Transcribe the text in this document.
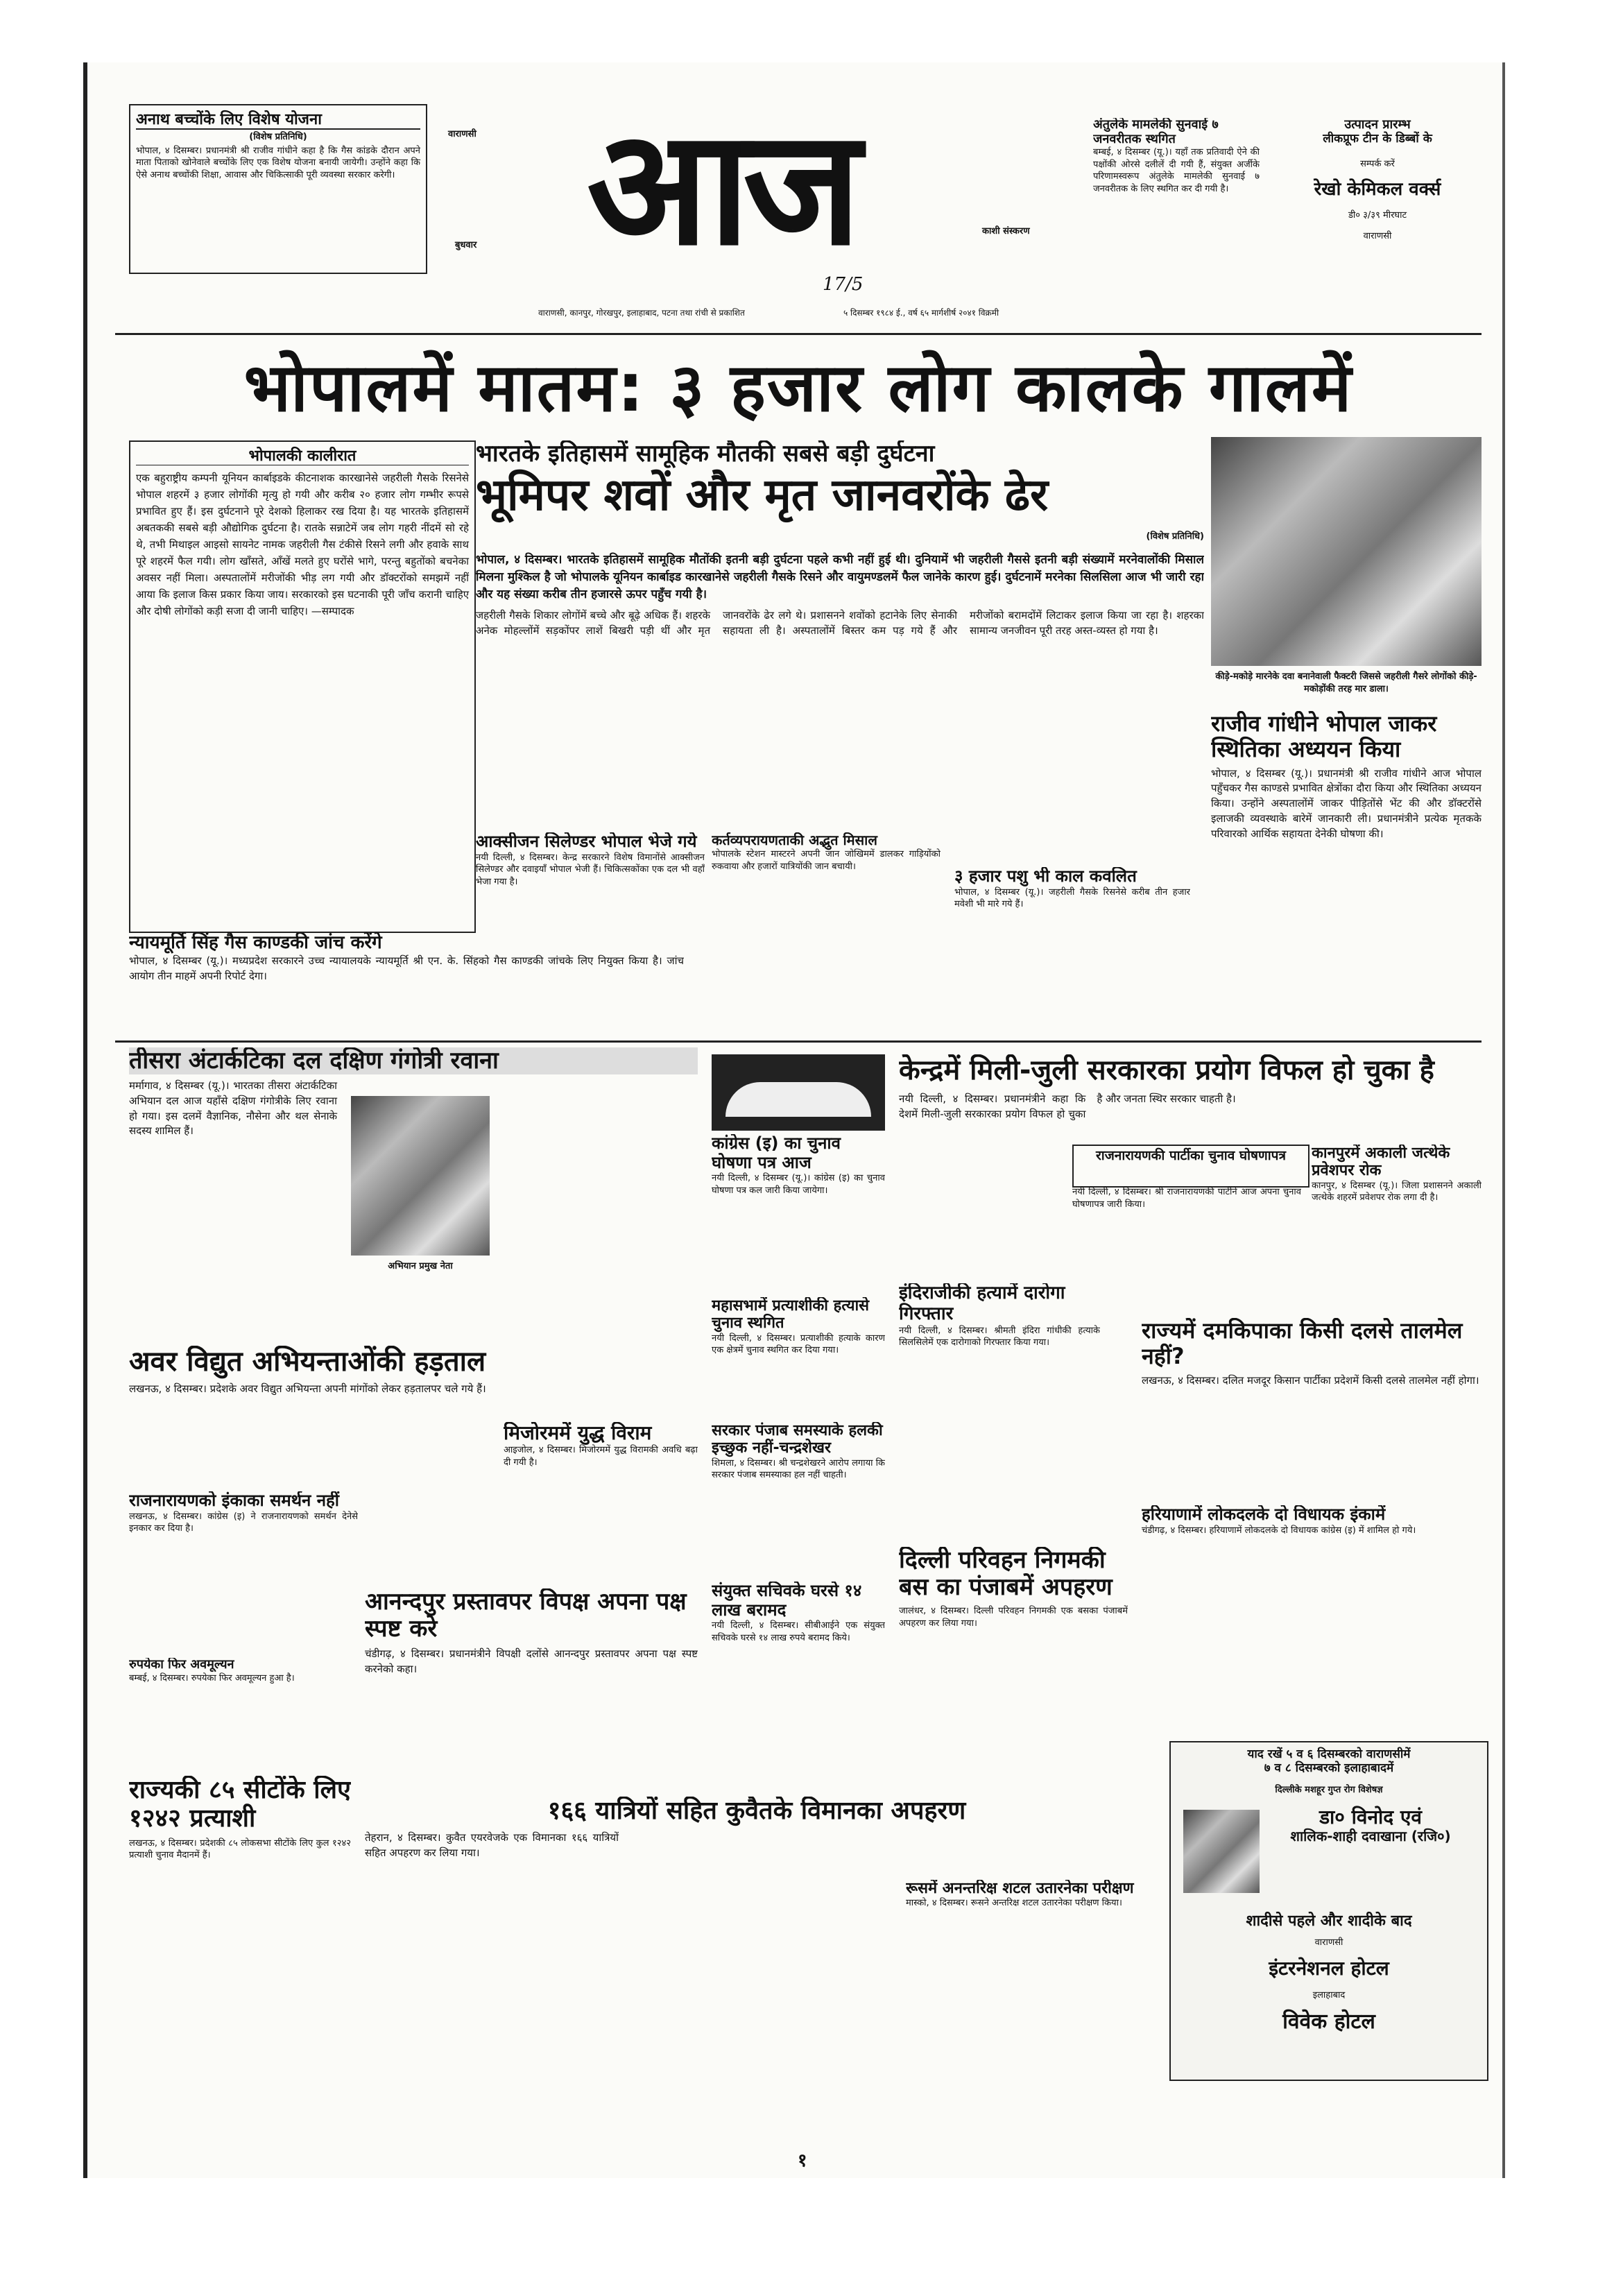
अनाथ बच्चोंके लिए विशेष योजना

(विशेष प्रतिनिधि)

भोपाल, ४ दिसम्बर। प्रधानमंत्री श्री राजीव गांधीने कहा है कि गैस कांडके दौरान अपने माता पिताको खोनेवाले बच्चोंके लिए एक विशेष योजना बनायी जायेगी। उन्होंने कहा कि ऐसे अनाथ बच्चोंकी शिक्षा, आवास और चिकित्साकी पूरी व्यवस्था सरकार करेगी।

वाराणसी
बुधवार आज	काशी संस्करण
17/5
वाराणसी, कानपुर, गोरखपुर, इलाहाबाद, पटना तथा रांची से प्रकाशित	५ दिसम्बर १९८४ ई., वर्ष ६५ मार्गशीर्ष २०४१ विक्रमी

अंतुलेके मामलेकी सुनवाई ७ जनवरीतक स्थगित

बम्बई, ४ दिसम्बर (यू.)। यहाँ तक प्रतिवादी ऐने की पक्षोंकी ओरसे दलीलें दी गयी हैं, संयुक्त अर्जीके परिणामस्वरूप अंतुलेके मामलेकी सुनवाई ७ जनवरीतक के लिए स्थगित कर दी गयी है।

उत्पादन प्रारम्भ

लीकप्रूफ टीन के डिब्बों के

सम्पर्क करें

रेखो केमिकल वर्क्स

डी० ३/३९ मीरघाट

वाराणसी

भोपालमें मातम: ३ हजार लोग कालके गालमें

भोपालकी कालीरात

एक बहुराष्ट्रीय कम्पनी यूनियन कार्बाइडके कीटनाशक कारखानेसे जहरीली गैसके रिसनेसे भोपाल शहरमें ३ हजार लोगोंकी मृत्यु हो गयी और करीब २० हजार लोग गम्भीर रूपसे प्रभावित हुए हैं। इस दुर्घटनाने पूरे देशको हिलाकर रख दिया है। यह भारतके इतिहासमें अबतककी सबसे बड़ी औद्योगिक दुर्घटना है। रातके सन्नाटेमें जब लोग गहरी नींदमें सो रहे थे, तभी मिथाइल आइसो सायनेट नामक जहरीली गैस टंकीसे रिसने लगी और हवाके साथ पूरे शहरमें फैल गयी। लोग खाँसते, आँखें मलते हुए घरोंसे भागे, परन्तु बहुतोंको बचनेका अवसर नहीं मिला। अस्पतालोंमें मरीजोंकी भीड़ लग गयी और डॉक्टरोंको समझमें नहीं आया कि इलाज किस प्रकार किया जाय। सरकारको इस घटनाकी पूरी जाँच करानी चाहिए और दोषी लोगोंको कड़ी सजा दी जानी चाहिए। —सम्पादक

न्यायमूर्ति सिंह गैस काण्डकी जांच करेंगे

भोपाल, ४ दिसम्बर (यू.)। मध्यप्रदेश सरकारने उच्च न्यायालयके न्यायमूर्ति श्री एन. के. सिंहको गैस काण्डकी जांचके लिए नियुक्त किया है। जांच आयोग तीन माहमें अपनी रिपोर्ट देगा।

भारतके इतिहासमें सामूहिक मौतकी सबसे बड़ी दुर्घटना

भूमिपर शवों और मृत जानवरोंके ढेर

(विशेष प्रतिनिधि)

भोपाल, ४ दिसम्बर। भारतके इतिहासमें सामूहिक मौतोंकी इतनी बड़ी दुर्घटना पहले कभी नहीं हुई थी। दुनियामें भी जहरीली गैससे इतनी बड़ी संख्यामें मरनेवालोंकी मिसाल मिलना मुश्किल है जो भोपालके यूनियन कार्बाइड कारखानेसे जहरीली गैसके रिसने और वायुमण्डलमें फैल जानेके कारण हुई। दुर्घटनामें मरनेका सिलसिला आज भी जारी रहा और यह संख्या करीब तीन हजारसे ऊपर पहुँच गयी है।

जहरीली गैसके शिकार लोगोंमें बच्चे और बूढ़े अधिक हैं। शहरके अनेक मोहल्लोंमें सड़कोंपर लाशें बिखरी पड़ी थीं और मृत जानवरोंके ढेर लगे थे। प्रशासनने शवोंको हटानेके लिए सेनाकी सहायता ली है। अस्पतालोंमें बिस्तर कम पड़ गये हैं और मरीजोंको बरामदोंमें लिटाकर इलाज किया जा रहा है। शहरका सामान्य जनजीवन पूरी तरह अस्त-व्यस्त हो गया है।

आक्सीजन सिलेण्डर भोपाल भेजे गये

नयी दिल्ली, ४ दिसम्बर। केन्द्र सरकारने विशेष विमानोंसे आक्सीजन सिलेण्डर और दवाइयाँ भोपाल भेजी हैं। चिकित्सकोंका एक दल भी वहाँ भेजा गया है।

कर्तव्यपरायणताकी अद्भुत मिसाल

भोपालके स्टेशन मास्टरने अपनी जान जोखिममें डालकर गाड़ियोंको रुकवाया और हजारों यात्रियोंकी जान बचायी।	३ हजार पशु भी काल कवलित

भोपाल, ४ दिसम्बर (यू.)। जहरीली गैसके रिसनेसे करीब तीन हजार मवेशी भी मारे गये हैं।

कीड़े-मकोड़े मारनेके दवा बनानेवाली फैक्टरी जिससे जहरीली गैसरे लोगोंको कीड़े-मकोड़ोंकी तरह मार डाला।

राजीव गांधीने भोपाल जाकर स्थितिका अध्ययन किया

भोपाल, ४ दिसम्बर (यू.)। प्रधानमंत्री श्री राजीव गांधीने आज भोपाल पहुँचकर गैस काण्डसे प्रभावित क्षेत्रोंका दौरा किया और स्थितिका अध्ययन किया। उन्होंने अस्पतालोंमें जाकर पीड़ितोंसे भेंट की और डॉक्टरोंसे इलाजकी व्यवस्थाके बारेमें जानकारी ली। प्रधानमंत्रीने प्रत्येक मृतकके परिवारको आर्थिक सहायता देनेकी घोषणा की।

तीसरा अंटार्कटिका दल दक्षिण गंगोत्री रवाना

मर्मागाव, ४ दिसम्बर (यू.)। भारतका तीसरा अंटार्कटिका अभियान दल आज यहाँसे दक्षिण गंगोत्रीके लिए रवाना हो गया। इस दलमें वैज्ञानिक, नौसेना और थल सेनाके सदस्य शामिल हैं।

अभियान प्रमुख नेता

कांग्रेस (इ) का चुनाव घोषणा पत्र आज

नयी दिल्ली, ४ दिसम्बर (यू.)। कांग्रेस (इ) का चुनाव घोषणा पत्र कल जारी किया जायेगा।

केन्द्रमें मिली-जुली सरकारका प्रयोग विफल हो चुका है

नयी दिल्ली, ४ दिसम्बर। प्रधानमंत्रीने कहा कि देशमें मिली-जुली सरकारका प्रयोग विफल हो चुका है और जनता स्थिर सरकार चाहती है।

राजनारायणकी पार्टीका चुनाव घोषणापत्र

नयी दिल्ली, ४ दिसम्बर। श्री राजनारायणकी पार्टीने आज अपना चुनाव घोषणापत्र जारी किया।

कानपुरमें अकाली जत्थेके प्रवेशपर रोक

कानपुर, ४ दिसम्बर (यू.)। जिला प्रशासनने अकाली जत्थेके शहरमें प्रवेशपर रोक लगा दी है।

अवर विद्युत अभियन्ताओंकी हड़ताल

लखनऊ, ४ दिसम्बर। प्रदेशके अवर विद्युत अभियन्ता अपनी मांगोंको लेकर हड़तालपर चले गये हैं।

मिजोरममें युद्ध विराम

आइजोल, ४ दिसम्बर। मिजोरममें युद्ध विरामकी अवधि बढ़ा दी गयी है।

राजनारायणको इंकाका समर्थन नहीं

लखनऊ, ४ दिसम्बर। कांग्रेस (इ) ने राजनारायणको समर्थन देनेसे इनकार कर दिया है।

आनन्दपुर प्रस्तावपर विपक्ष अपना पक्ष स्पष्ट करे

चंडीगढ़, ४ दिसम्बर। प्रधानमंत्रीने विपक्षी दलोंसे आनन्दपुर प्रस्तावपर अपना पक्ष स्पष्ट करनेको कहा।

रुपयेका फिर अवमूल्यन

बम्बई, ४ दिसम्बर। रुपयेका फिर अवमूल्यन हुआ है।

राज्यकी ८५ सीटोंके लिए १२४२ प्रत्याशी

लखनऊ, ४ दिसम्बर। प्रदेशकी ८५ लोकसभा सीटोंके लिए कुल १२४२ प्रत्याशी चुनाव मैदानमें हैं।

महासभामें प्रत्याशीकी हत्यासे चुनाव स्थगित

नयी दिल्ली, ४ दिसम्बर। प्रत्याशीकी हत्याके कारण एक क्षेत्रमें चुनाव स्थगित कर दिया गया।

इंदिराजीकी हत्यामें दारोगा गिरफ्तार

नयी दिल्ली, ४ दिसम्बर। श्रीमती इंदिरा गांधीकी हत्याके सिलसिलेमें एक दारोगाको गिरफ्तार किया गया।

सरकार पंजाब समस्याके हलकी इच्छुक नहीं-चन्द्रशेखर

शिमला, ४ दिसम्बर। श्री चन्द्रशेखरने आरोप लगाया कि सरकार पंजाब समस्याका हल नहीं चाहती।

संयुक्त सचिवके घरसे १४ लाख बरामद

नयी दिल्ली, ४ दिसम्बर। सीबीआईने एक संयुक्त सचिवके घरसे १४ लाख रुपये बरामद किये।

दिल्ली परिवहन निगमकी बस का पंजाबमें अपहरण

जालंधर, ४ दिसम्बर। दिल्ली परिवहन निगमकी एक बसका पंजाबमें अपहरण कर लिया गया।

राज्यमें दमकिपाका किसी दलसे तालमेल नहीं?

लखनऊ, ४ दिसम्बर। दलित मजदूर किसान पार्टीका प्रदेशमें किसी दलसे तालमेल नहीं होगा।

हरियाणामें लोकदलके दो विधायक इंकामें

चंडीगढ़, ४ दिसम्बर। हरियाणामें लोकदलके दो विधायक कांग्रेस (इ) में शामिल हो गये।

याद रखें ५ व ६ दिसम्बरको वाराणसीमें

७ व ८ दिसम्बरको इलाहाबादमें

दिल्लीके मशहूर गुप्त रोग विशेषज्ञ

डा० विनोद एवं

शालिक-शाही दवाखाना (रजि०)

शादीसे पहले और शादीके बाद

वाराणसी

इंटरनेशनल होटल

इलाहाबाद

विवेक होटल

१६६ यात्रियों सहित कुवैतके विमानका अपहरण

तेहरान, ४ दिसम्बर। कुवैत एयरवेजके एक विमानका १६६ यात्रियों सहित अपहरण कर लिया गया।

रूसमें अनन्तरिक्ष शटल उतारनेका परीक्षण

मास्को, ४ दिसम्बर। रूसने अन्तरिक्ष शटल उतारनेका परीक्षण किया।

१
